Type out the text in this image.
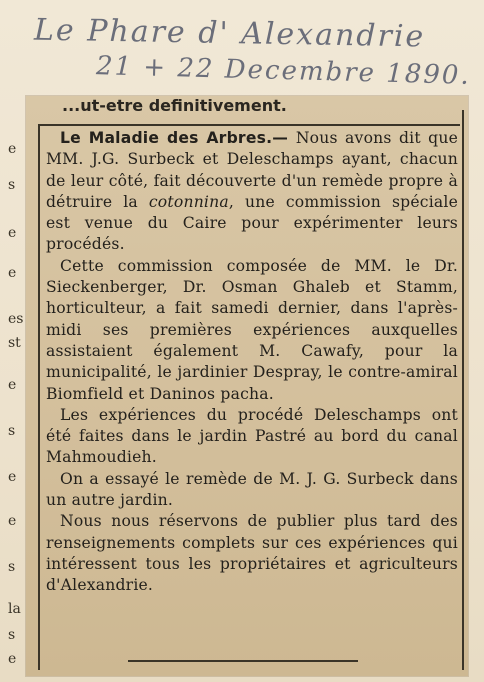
Le Phare d' Alexandrie
21 + 22 Decembre 1890.
...ut-etre definitivement.
e
s
e
e
es
st
e
s
e
e
s
la
s
e

Le Maladie des Arbres.— Nous avons dit que MM. J.G. Surbeck et Deleschamps ayant, chacun de leur côté, fait découverte d'un remède propre à détruire la cotonnina, une commission spéciale est venue du Caire pour expérimenter leurs procédés.

Cette commission composée de MM. le Dr. Sieckenberger, Dr. Osman Ghaleb et Stamm, horticulteur, a fait samedi dernier, dans l'après-midi ses premières expériences auxquelles assistaient également M. Cawafy, pour la municipalité, le jardinier Despray, le contre-amiral Biomfield et Daninos pacha.

Les expériences du procédé Deleschamps ont été faites dans le jardin Pastré au bord du canal Mahmoudieh.

On a essayé le remède de M. J. G. Surbeck dans un autre jardin.

Nous nous réservons de publier plus tard des renseignements complets sur ces expériences qui intéressent tous les propriétaires et agriculteurs d'Alexandrie.
